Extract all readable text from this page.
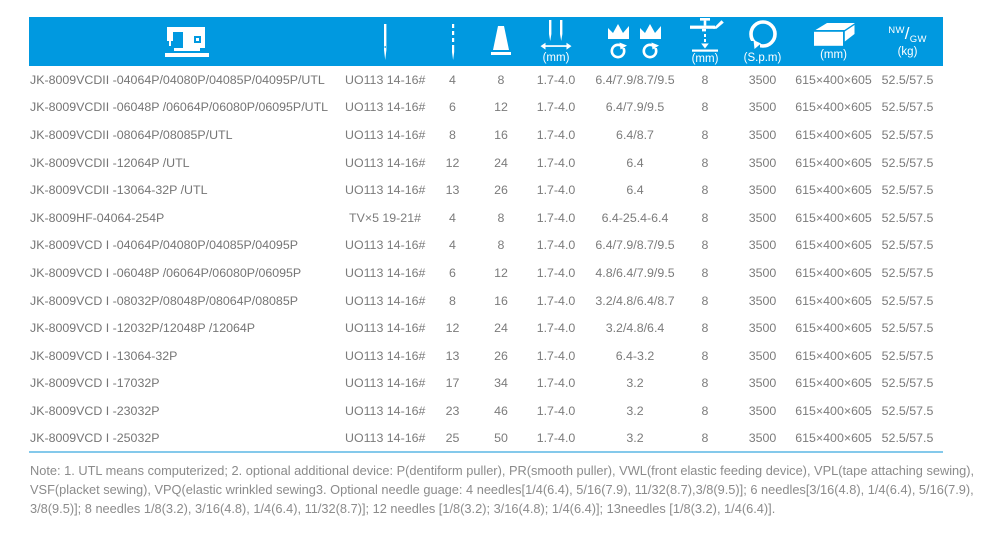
(mm)		(mm)	(S.p.m)	(mm)	NW/GW
(kg)

JK-8009VCDII -04064P/04080P/04085P/04095P/UTL	UO113 14-16#	4	8	1.7-4.0	6.4/7.9/8.7/9.5	8	3500	615×400×605	52.5/57.5
JK-8009VCDII -06048P /06064P/06080P/06095P/UTL	UO113 14-16#	6	12	1.7-4.0	6.4/7.9/9.5	8	3500	615×400×605	52.5/57.5
JK-8009VCDII -08064P/08085P/UTL	UO113 14-16#	8	16	1.7-4.0	6.4/8.7	8	3500	615×400×605	52.5/57.5
JK-8009VCDII -12064P /UTL	UO113 14-16#	12	24	1.7-4.0	6.4	8	3500	615×400×605	52.5/57.5
JK-8009VCDII -13064-32P /UTL	UO113 14-16#	13	26	1.7-4.0	6.4	8	3500	615×400×605	52.5/57.5
JK-8009HF-04064-254P	TV×5 19-21#	4	8	1.7-4.0	6.4-25.4-6.4	8	3500	615×400×605	52.5/57.5
JK-8009VCD I -04064P/04080P/04085P/04095P	UO113 14-16#	4	8	1.7-4.0	6.4/7.9/8.7/9.5	8	3500	615×400×605	52.5/57.5
JK-8009VCD I -06048P /06064P/06080P/06095P	UO113 14-16#	6	12	1.7-4.0	4.8/6.4/7.9/9.5	8	3500	615×400×605	52.5/57.5
JK-8009VCD I -08032P/08048P/08064P/08085P	UO113 14-16#	8	16	1.7-4.0	3.2/4.8/6.4/8.7	8	3500	615×400×605	52.5/57.5
JK-8009VCD I -12032P/12048P /12064P	UO113 14-16#	12	24	1.7-4.0	3.2/4.8/6.4	8	3500	615×400×605	52.5/57.5
JK-8009VCD I -13064-32P	UO113 14-16#	13	26	1.7-4.0	6.4-3.2	8	3500	615×400×605	52.5/57.5
JK-8009VCD I -17032P	UO113 14-16#	17	34	1.7-4.0	3.2	8	3500	615×400×605	52.5/57.5
JK-8009VCD I -23032P	UO113 14-16#	23	46	1.7-4.0	3.2	8	3500	615×400×605	52.5/57.5
JK-8009VCD I -25032P	UO113 14-16#	25	50	1.7-4.0	3.2	8	3500	615×400×605	52.5/57.5
Note: 1. UTL means computerized; 2. optional additional device: P(dentiform puller), PR(smooth puller), VWL(front elastic feeding device), VPL(tape attaching sewing), VSF(placket sewing), VPQ(elastic wrinkled sewing3. Optional needle guage: 4 needles[1/4(6.4), 5/16(7.9), 11/32(8.7),3/8(9.5)]; 6 needles[3/16(4.8), 1/4(6.4), 5/16(7.9), 3/8(9.5)]; 8 needles 1/8(3.2), 3/16(4.8), 1/4(6.4), 11/32(8.7)]; 12 needles [1/8(3.2); 3/16(4.8); 1/4(6.4)]; 13needles [1/8(3.2), 1/4(6.4)].
